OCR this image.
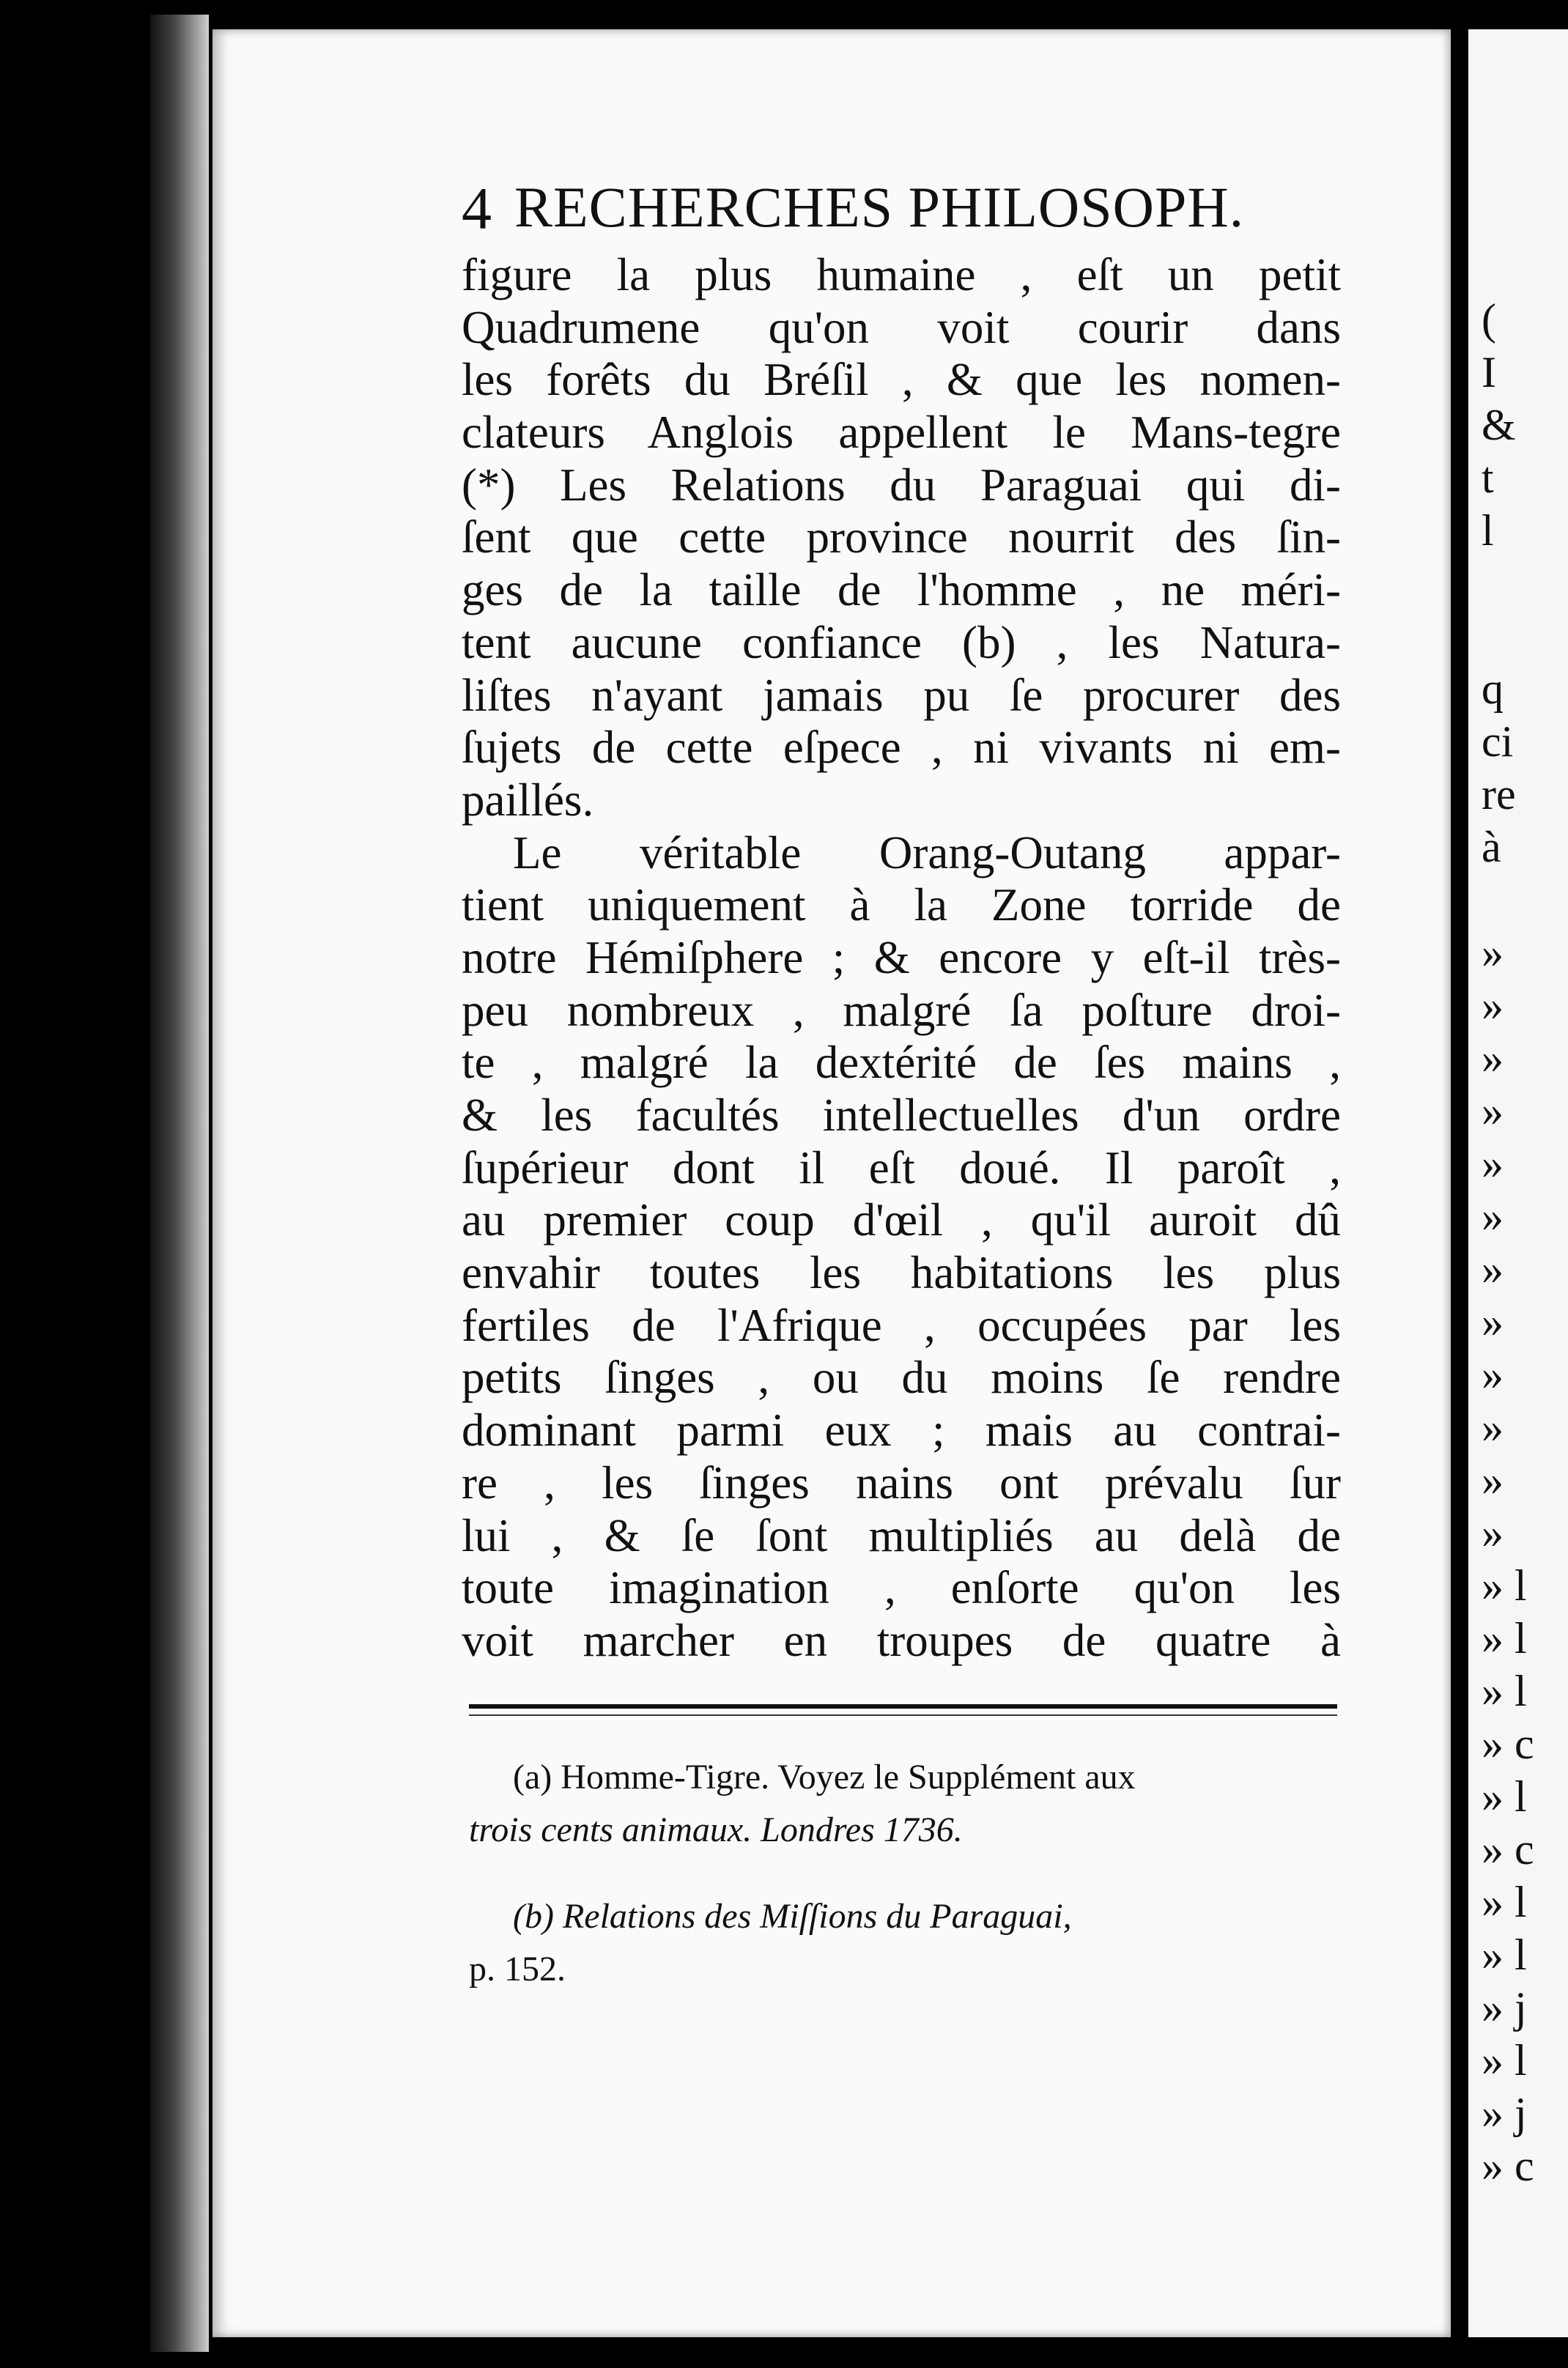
4 RECHERCHES PHILOSOPH.
figure la plus humaine , eſt un petit
Quadrumene qu'on voit courir dans
les forêts du Bréſil , & que les nomen-
clateurs Anglois appellent le Mans-tegre
(*) Les Relations du Paraguai qui di-
ſent que cette province nourrit des ſin-
ges de la taille de l'homme , ne méri-
tent aucune confiance (b) , les Natura-
liſtes n'ayant jamais pu ſe procurer des
ſujets de cette eſpece , ni vivants ni em-
paillés.
Le véritable Orang-Outang appar-
tient uniquement à la Zone torride de
notre Hémiſphere ; & encore y eſt-il très-
peu nombreux , malgré ſa poſture droi-
te , malgré la dextérité de ſes mains ,
& les facultés intellectuelles d'un ordre
ſupérieur dont il eſt doué. Il paroît ,
au premier coup d'œil , qu'il auroit dû
envahir toutes les habitations les plus
fertiles de l'Afrique , occupées par les
petits ſinges , ou du moins ſe rendre
dominant parmi eux ; mais au contrai-
re , les ſinges nains ont prévalu ſur
lui , & ſe ſont multipliés au delà de
toute imagination , enſorte qu'on les
voit marcher en troupes de quatre à
(a) Homme-Tigre. Voyez le Supplément aux
trois cents animaux. Londres 1736.
(b) Relations des Miſſions du Paraguai,
p. 152.
(
I
&
t
l
q
ci
re
à
»
»
»
»
»
»
»
»
»
»
»
»
» l
» l
» l
» c
» l
» c
» l
» l
» j
» l
» j
» c
